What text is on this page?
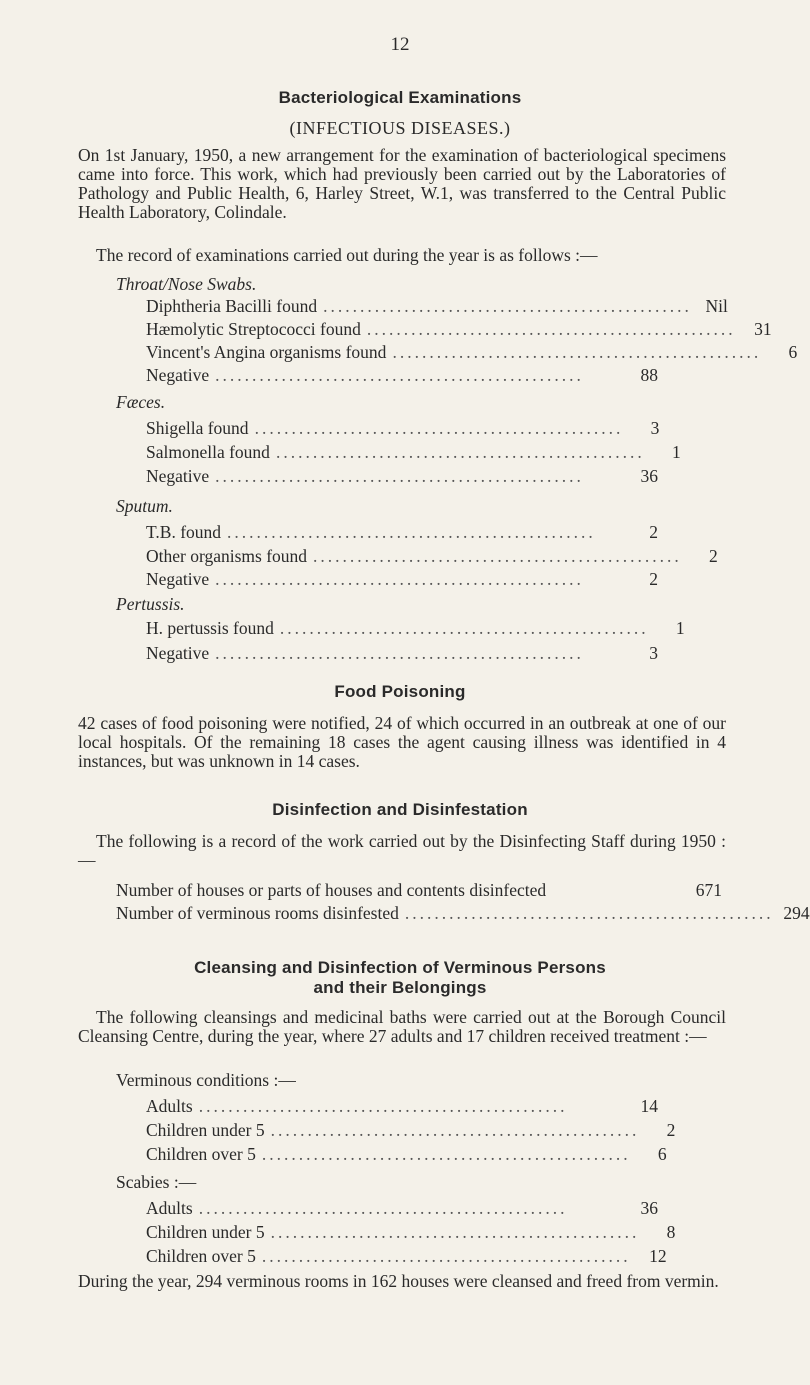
12
Bacteriological Examinations
(INFECTIOUS DISEASES.)
On 1st January, 1950, a new arrangement for the examination of bacteriological specimens came into force. This work, which had previously been carried out by the Laboratories of Pathology and Public Health, 6, Harley Street, W.1, was transferred to the Central Public Health Laboratory, Colindale.
The record of examinations carried out during the year is as follows :—
Throat/Nose Swabs.
Diphtheria Bacilli found .................................................. Nil
Hæmolytic Streptococci found ..................................................	31
Vincent's Angina organisms found ..................................................	6
Negative ..................................................	88
Fæces.
Shigella found ..................................................	3
Salmonella found ..................................................	1
Negative ..................................................	36
Sputum.
T.B. found ..................................................	2
Other organisms found ..................................................	2
Negative ..................................................	2
Pertussis.
H. pertussis found ..................................................	1
Negative ..................................................	3
Food Poisoning
42 cases of food poisoning were notified, 24 of which occurred in an outbreak at one of our local hospitals. Of the remaining 18 cases the agent causing illness was identified in 4 instances, but was unknown in 14 cases.
Disinfection and Disinfestation
The following is a record of the work carried out by the Disinfecting Staff during 1950 :—
Number of houses or parts of houses and contents disinfected	671
Number of verminous rooms disinfested .................................................. 294
Cleansing and Disinfection of Verminous Persons
and their Belongings
The following cleansings and medicinal baths were carried out at the Borough Council Cleansing Centre, during the year, where 27 adults and 17 children received treatment :—
Verminous conditions :—
Adults ..................................................	14
Children under 5 ..................................................	2
Children over 5 ..................................................	6
Scabies :—
Adults ..................................................	36
Children under 5 ..................................................	8
Children over 5 ..................................................	12
During the year, 294 verminous rooms in 162 houses were cleansed and freed from vermin.
